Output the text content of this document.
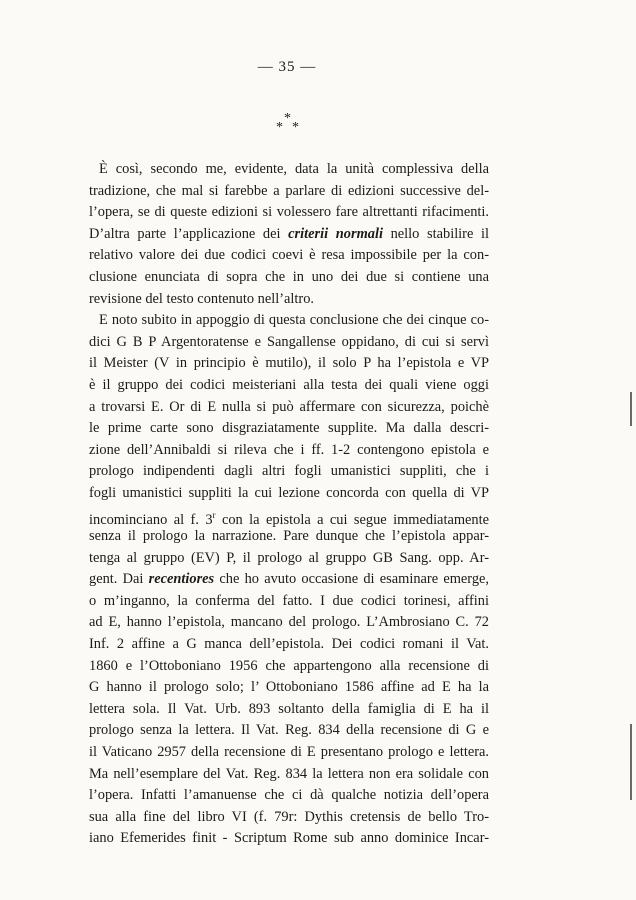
— 35 —
*
* *
È così, secondo me, evidente, data la unità complessiva della
tradizione, che mal si farebbe a parlare di edizioni successive del-
l’opera, se di queste edizioni si volessero fare altrettanti rifacimenti.
D’altra parte l’applicazione dei criterii normali nello stabilire il
relativo valore dei due codici coevi è resa impossibile per la con-
clusione enunciata di sopra che in uno dei due si contiene una
revisione del testo contenuto nell’altro.
E noto subito in appoggio di questa conclusione che dei cinque co-
dici G B P Argentoratense e Sangallense oppidano, di cui si servì
il Meister (V in principio è mutilo), il solo P ha l’epistola e VP
è il gruppo dei codici meisteriani alla testa dei quali viene oggi
a trovarsi E. Or di E nulla si può affermare con sicurezza, poichè
le prime carte sono disgraziatamente supplite. Ma dalla descri-
zione dell’Annibaldi si rileva che i ff. 1-2 contengono epistola e
prologo indipendenti dagli altri fogli umanistici suppliti, che i
fogli umanistici suppliti la cui lezione concorda con quella di VP
incominciano al f. 3$^r$ con la epistola a cui segue immediatamente
senza il prologo la narrazione. Pare dunque che l’epistola appar-
tenga al gruppo (EV) P, il prologo al gruppo GB Sang. opp. Ar-
gent. Dai recentiores che ho avuto occasione di esaminare emerge,
o m’inganno, la conferma del fatto. I due codici torinesi, affini
ad E, hanno l’epistola, mancano del prologo. L’Ambrosiano C. 72
Inf. 2 affine a G manca dell’epistola. Dei codici romani il Vat.
1860 e l’Ottoboniano 1956 che appartengono alla recensione di
G hanno il prologo solo; l’ Ottoboniano 1586 affine ad E ha la
lettera sola. Il Vat. Urb. 893 soltanto della famiglia di E ha il
prologo senza la lettera. Il Vat. Reg. 834 della recensione di G e
il Vaticano 2957 della recensione di E presentano prologo e lettera.
Ma nell’esemplare del Vat. Reg. 834 la lettera non era solidale con
l’opera. Infatti l’amanuense che ci dà qualche notizia dell’opera
sua alla fine del libro VI (f. 79r: Dythis cretensis de bello Tro-
iano Efemerides finit - Scriptum Rome sub anno dominice Incar-
